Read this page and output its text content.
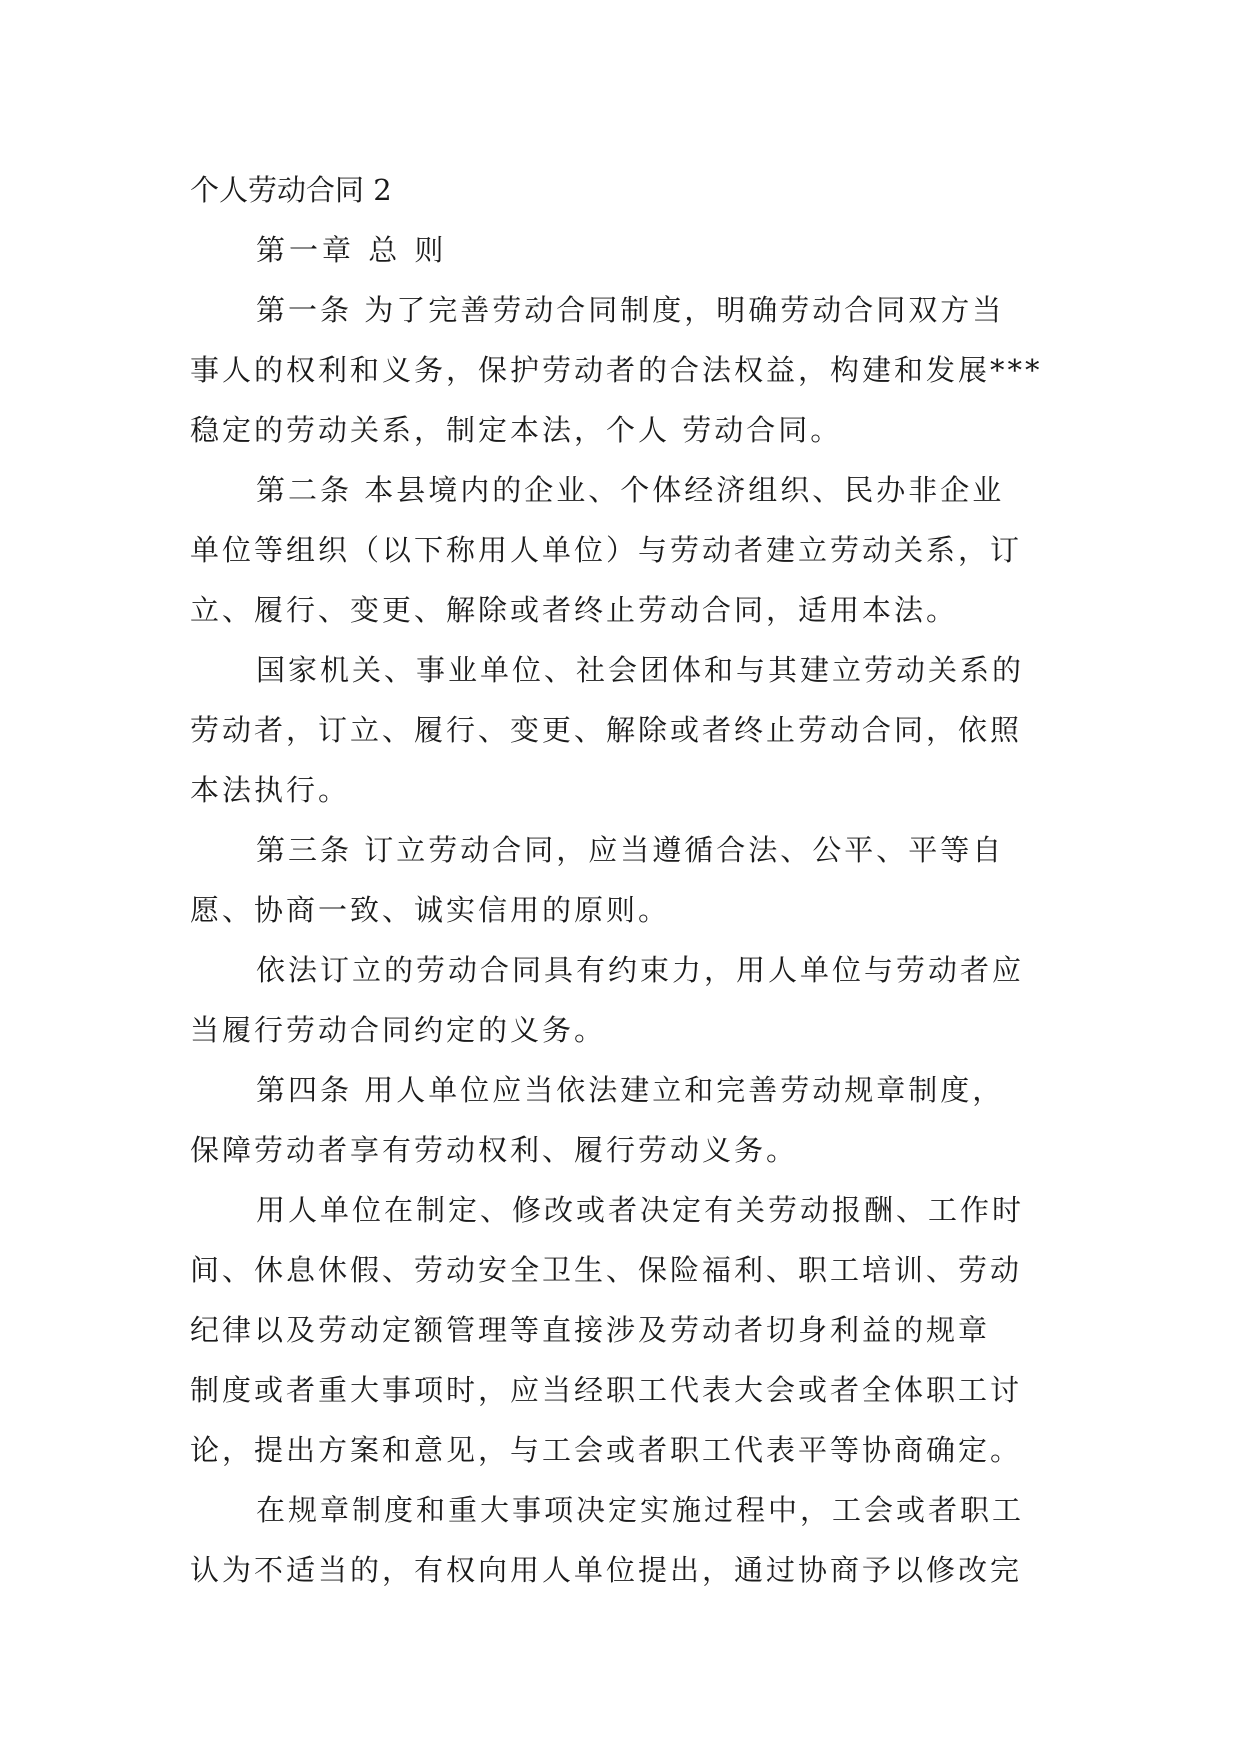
个人劳动合同 2

第一章 总 则

第一条 为了完善劳动合同制度，明确劳动合同双方当

事人的权利和义务，保护劳动者的合法权益，构建和发展***

稳定的劳动关系，制定本法，个人 劳动合同。

第二条 本县境内的企业、个体经济组织、民办非企业

单位等组织（以下称用人单位）与劳动者建立劳动关系，订

立、履行、变更、解除或者终止劳动合同，适用本法。

国家机关、事业单位、社会团体和与其建立劳动关系的

劳动者，订立、履行、变更、解除或者终止劳动合同，依照

本法执行。

第三条 订立劳动合同，应当遵循合法、公平、平等自

愿、协商一致、诚实信用的原则。

依法订立的劳动合同具有约束力，用人单位与劳动者应

当履行劳动合同约定的义务。

第四条 用人单位应当依法建立和完善劳动规章制度，

保障劳动者享有劳动权利、履行劳动义务。

用人单位在制定、修改或者决定有关劳动报酬、工作时

间、休息休假、劳动安全卫生、保险福利、职工培训、劳动

纪律以及劳动定额管理等直接涉及劳动者切身利益的规章

制度或者重大事项时，应当经职工代表大会或者全体职工讨

论，提出方案和意见，与工会或者职工代表平等协商确定。

在规章制度和重大事项决定实施过程中，工会或者职工

认为不适当的，有权向用人单位提出，通过协商予以修改完
